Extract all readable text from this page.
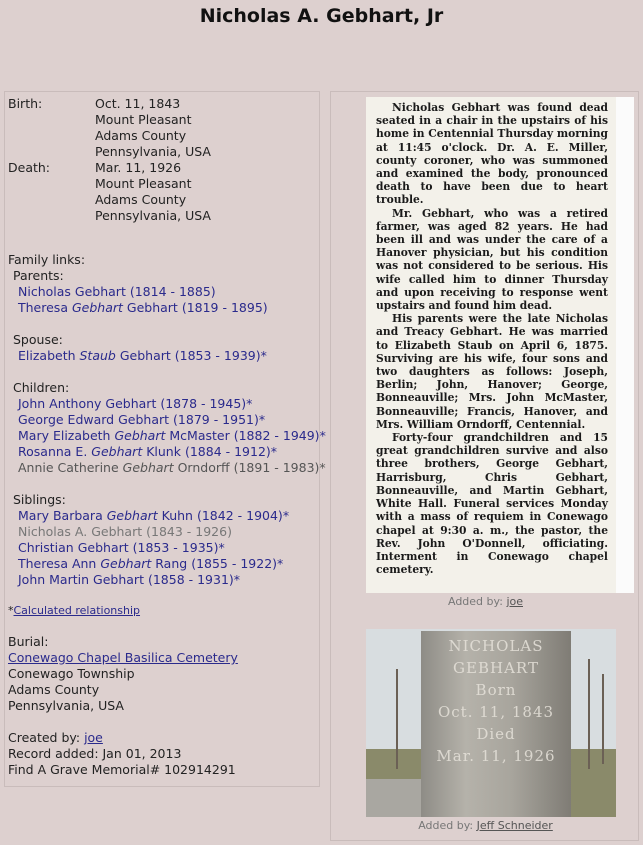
Nicholas A. Gebhart, Jr
Birth:	Oct. 11, 1843
Mount Pleasant
Adams County
Pennsylvania, USA
Death:	Mar. 11, 1926
Mount Pleasant
Adams County
Pennsylvania, USA
Family links:
Parents:
Nicholas Gebhart (1814 - 1885)
Theresa Gebhart Gebhart (1819 - 1895)
Spouse:
Elizabeth Staub Gebhart (1853 - 1939)*
Children:
John Anthony Gebhart (1878 - 1945)*
George Edward Gebhart (1879 - 1951)*
Mary Elizabeth Gebhart McMaster (1882 - 1949)*
Rosanna E. Gebhart Klunk (1884 - 1912)*
Annie Catherine Gebhart Orndorff (1891 - 1983)*
Siblings:
Mary Barbara Gebhart Kuhn (1842 - 1904)*
Nicholas A. Gebhart (1843 - 1926)
Christian Gebhart (1853 - 1935)*
Theresa Ann Gebhart Rang (1855 - 1922)*
John Martin Gebhart (1858 - 1931)*
*Calculated relationship
Burial:
Conewago Chapel Basilica Cemetery
Conewago Township
Adams County
Pennsylvania, USA
Created by: joe
Record added: Jan 01, 2013
Find A Grave Memorial# 102914291

Nicholas Gebhart was found dead seated in a chair in the upstairs of his home in Centennial Thursday morning at 11:45 o'clock. Dr. A. E. Miller, county coroner, who was summoned and examined the body, pronounced death to have been due to heart trouble.

Mr. Gebhart, who was a retired farmer, was aged 82 years. He had been ill and was under the care of a Hanover physician, but his condition was not considered to be serious. His wife called him to dinner Thursday and upon receiving to response went upstairs and found him dead.

His parents were the late Nicholas and Treacy Gebhart. He was married to Elizabeth Staub on April 6, 1875. Surviving are his wife, four sons and two daughters as follows: Joseph, Berlin; John, Hanover; George, Bonneauville; Mrs. John McMaster, Bonneauville; Francis, Hanover, and Mrs. William Orndorff, Centennial.

Forty-four grandchildren and 15 great grandchildren survive and also three brothers, George Gebhart, Harrisburg, Chris Gebhart, Bonneauville, and Martin Gebhart, White Hall. Funeral services Monday with a mass of requiem in Conewago chapel at 9:30 a. m., the pastor, the Rev. John O'Donnell, officiating. Interment in Conewago chapel cemetery.

Added by: joe
NICHOLAS
GEBHART
Born
Oct. 11, 1843
Died
Mar. 11, 1926
Added by: Jeff Schneider
